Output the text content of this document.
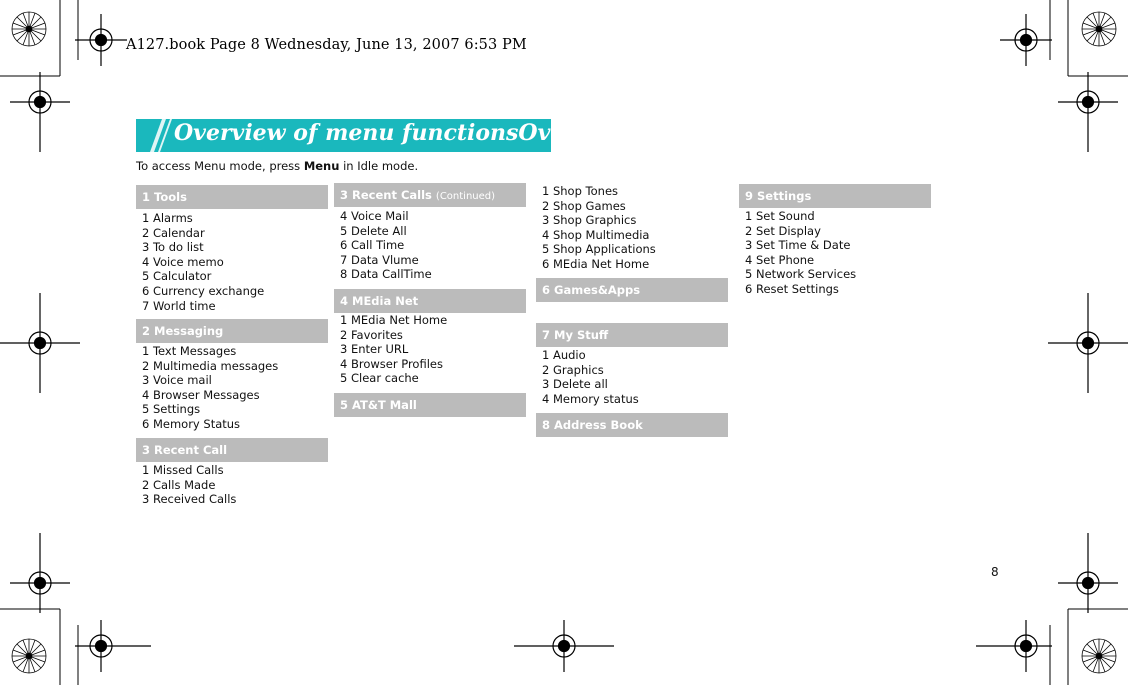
A127.book Page 8 Wednesday, June 13, 2007 6:53 PM
Overview of menu functionsOverview of menu functions
To access Menu mode, press Menu in Idle mode.
1 Tools
1 Alarms
2 Calendar
3 To do list
4 Voice memo
5 Calculator
6 Currency exchange
7 World time
2 Messaging
1 Text Messages
2 Multimedia messages
3 Voice mail
4 Browser Messages
5 Settings
6 Memory Status
3 Recent Call
1 Missed Calls
2 Calls Made
3 Received Calls
3 Recent Calls (Continued)
4 Voice Mail
5 Delete All
6 Call Time
7 Data Vlume
8 Data CallTime
4 MEdia Net
1 MEdia Net Home
2 Favorites
3 Enter URL
4 Browser Profiles
5 Clear cache
5 AT&T Mall
1 Shop Tones
2 Shop Games
3 Shop Graphics
4 Shop Multimedia
5 Shop Applications
6 MEdia Net Home
6 Games&Apps
7 My Stuff
1 Audio
2 Graphics
3 Delete all
4 Memory status
8 Address Book
9 Settings
1 Set Sound
2 Set Display
3 Set Time & Date
4 Set Phone
5 Network Services
6 Reset Settings
8
